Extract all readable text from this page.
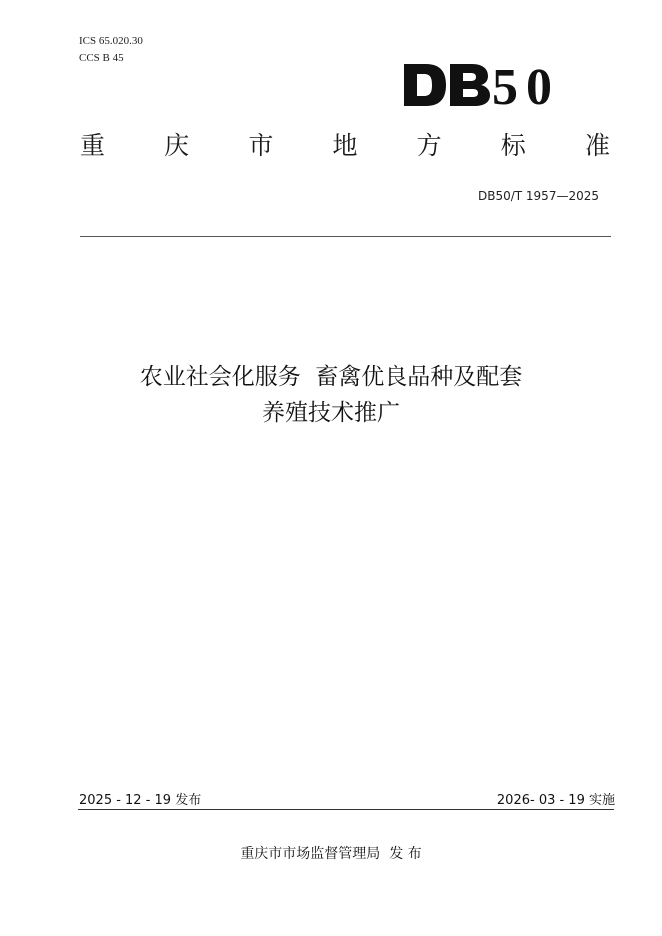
ICS 65.020.30
CCS B 45
5 0
重 庆 市 地 方 标 准
DB50/T 1957—2025
农业社会化服务  畜禽优良品种及配套
养殖技术推广
2025 - 12 - 19 发布	2026- 03 - 19 实施
重庆市市场监督管理局  发 布
